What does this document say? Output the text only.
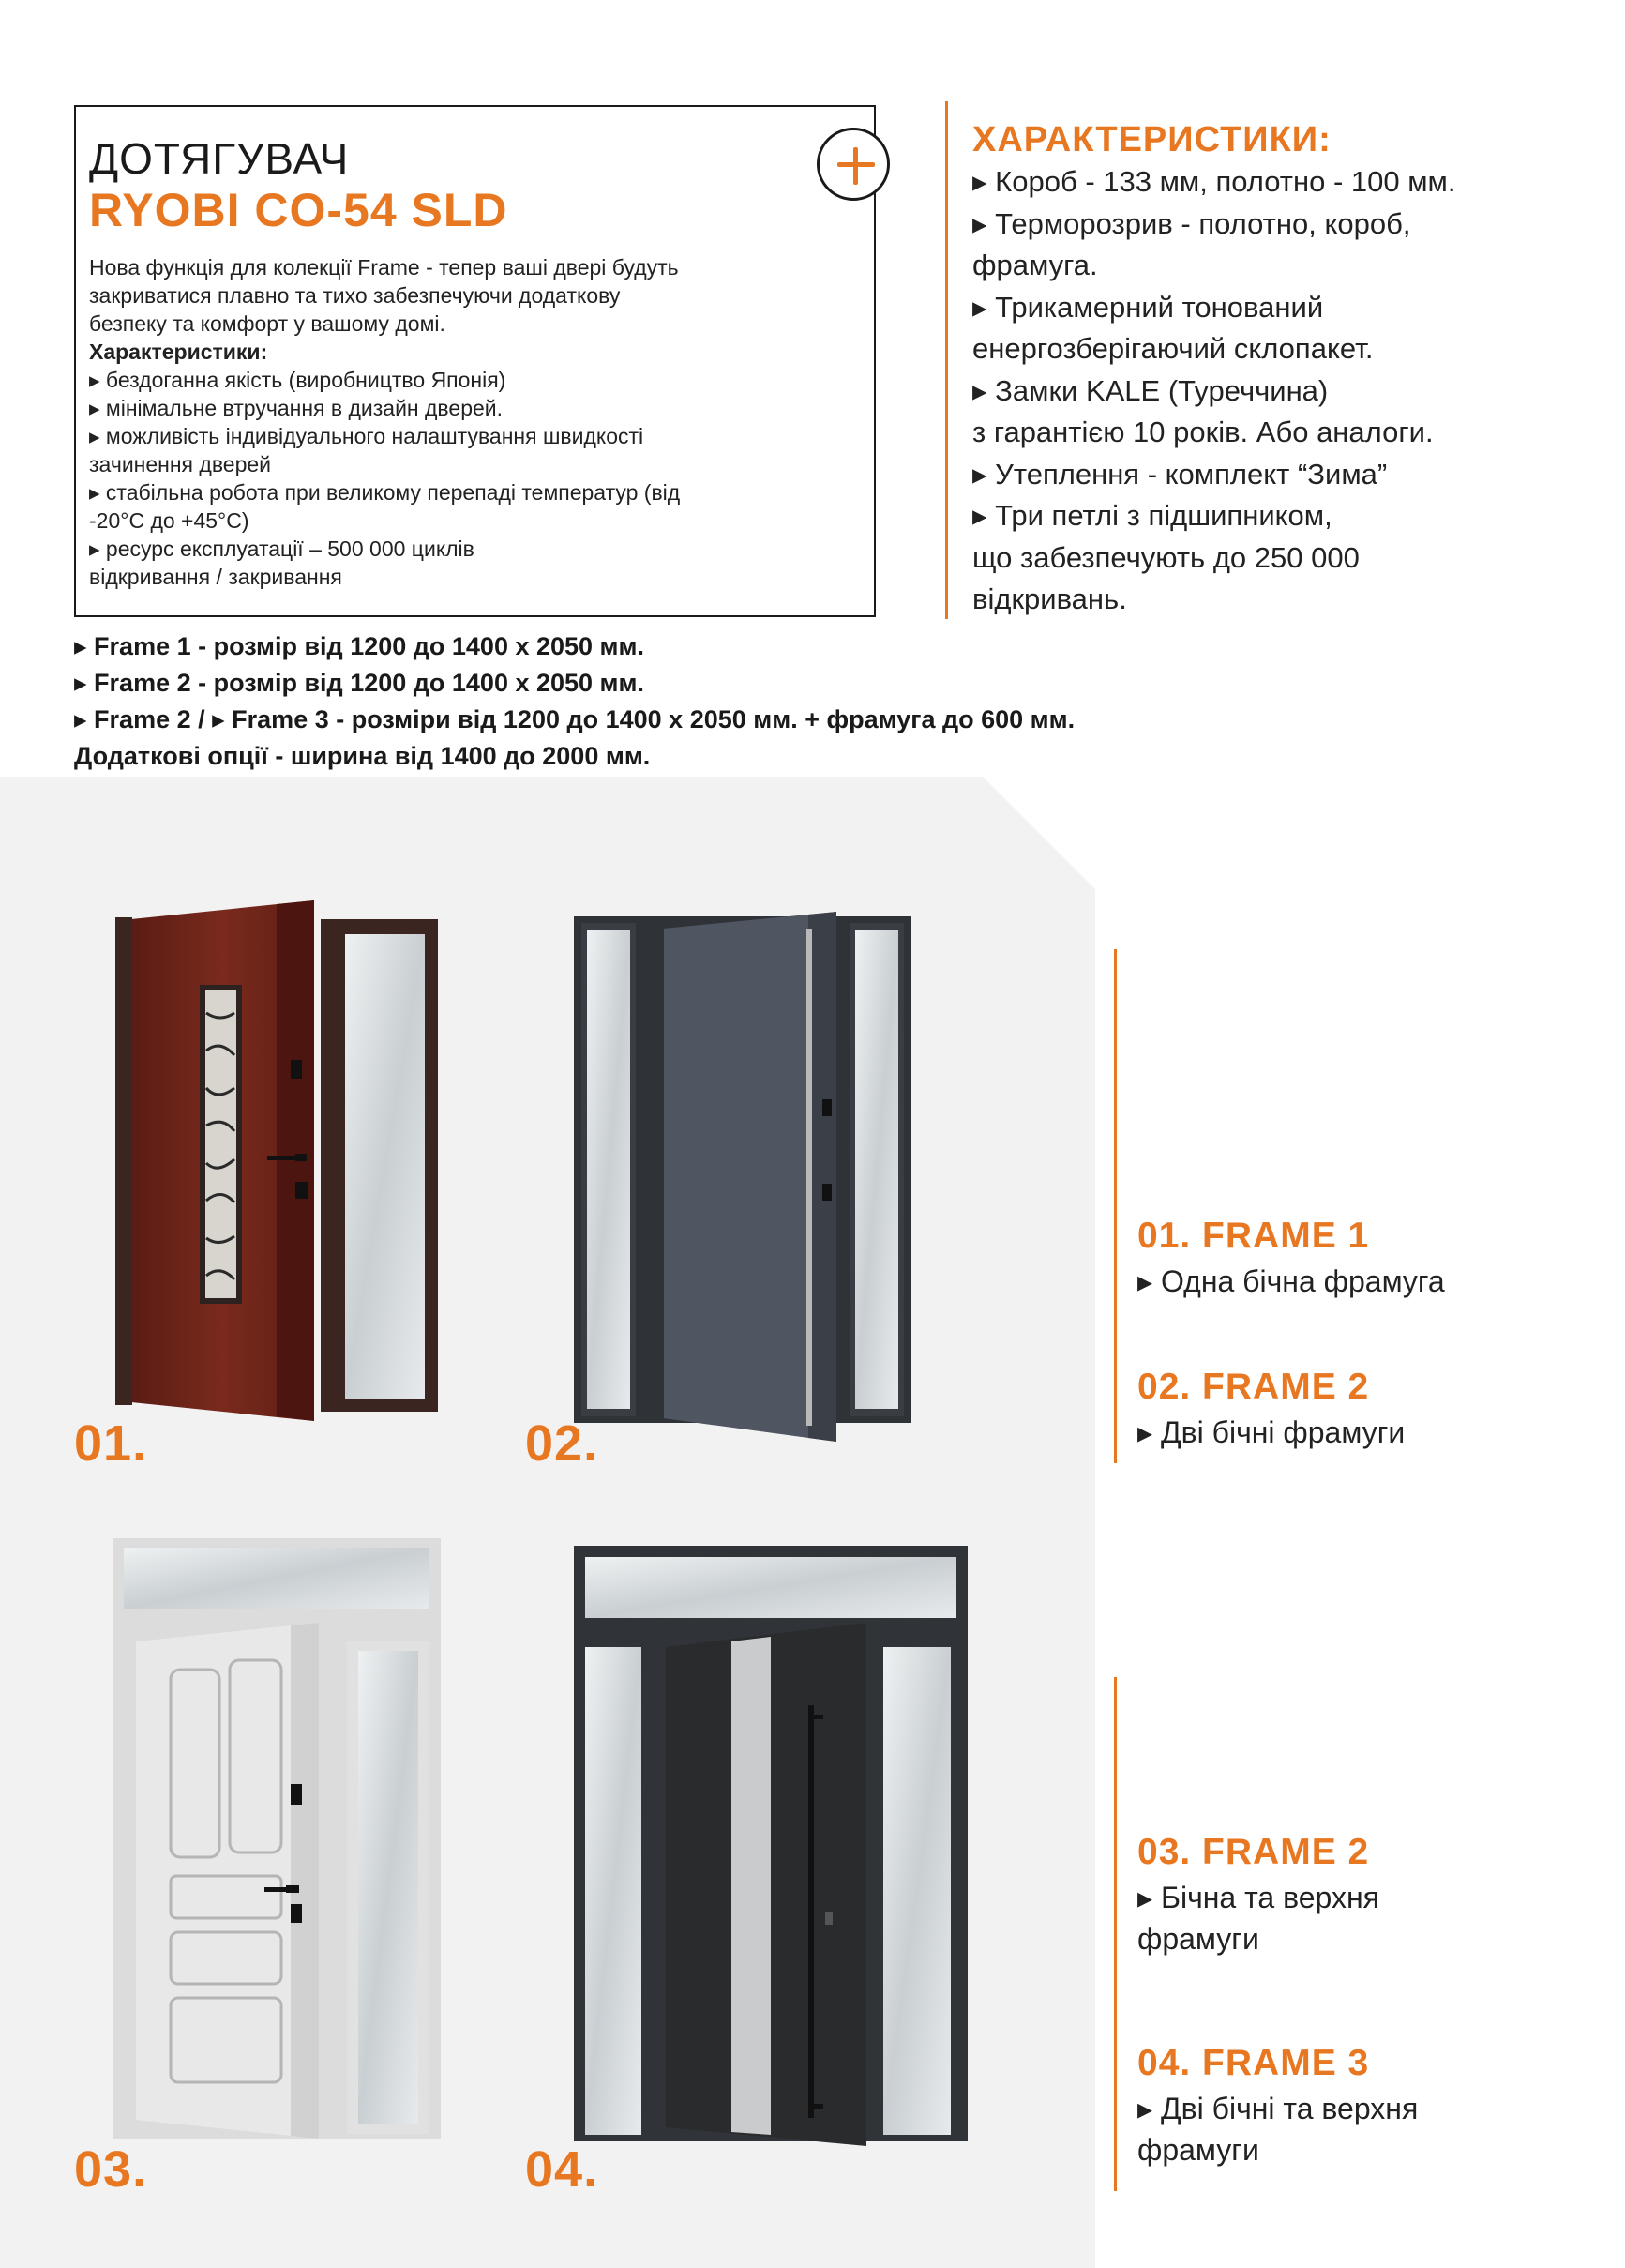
ДОТЯГУВАЧ
RYOBI CO-54 SLD
Нова функція для колекції Frame - тепер ваші двері будуть
закриватися плавно та тихо забезпечуючи додаткову
безпеку та комфорт у вашому домі.
Характеристики:
▸ бездоганна якість (виробництво Японія)
▸ мінімальне втручання в дизайн дверей.
▸ можливість індивідуального налаштування швидкості
зачинення дверей
▸ стабільна робота при великому перепаді температур (від
-20°С до +45°С)
▸ ресурс експлуатації – 500 000 циклів
відкривання / закривання
ХАРАКТЕРИСТИКИ:
▸ Короб - 133 мм, полотно - 100 мм.
▸ Терморозрив - полотно, короб,
фрамуга.
▸ Трикамерний тонований
енергозберігаючий склопакет.
▸ Замки KALE (Туреччина)
з гарантією 10 років. Або аналоги.
▸ Утеплення - комплект “Зима”
▸ Три петлі з підшипником,
що забезпечують до 250 000
відкривань.
▸ Frame 1 - розмір від 1200 до 1400 х 2050 мм.
▸ Frame 2 - розмір від 1200 до 1400 х 2050 мм.
▸ Frame 2 / ▸ Frame 3 - розміри від 1200 до 1400 х 2050 мм. + фрамуга до 600 мм.
Додаткові опції - ширина від 1400 до 2000 мм.
01.	02.
03.	04.
01. FRAME 1
▸ Одна бічна фрамуга
02. FRAME 2
▸ Дві бічні фрамуги
03. FRAME 2
▸ Бічна та верхня
фрамуги
04. FRAME 3
▸ Дві бічні та верхня
фрамуги
